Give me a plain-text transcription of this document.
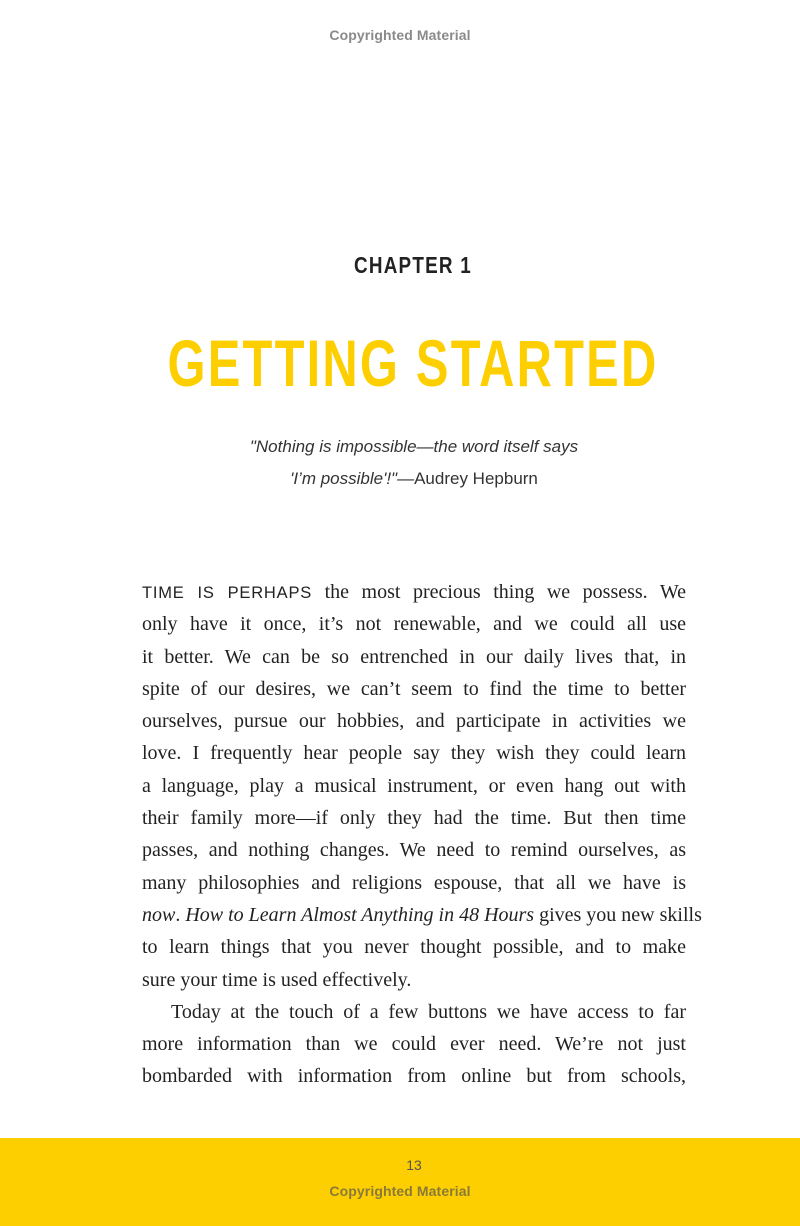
Copyrighted Material
CHAPTER 1
GETTING STARTED
"Nothing is impossible—the word itself says
'I’m possible'!"—Audrey Hepburn
TIME IS PERHAPS the most precious thing we possess. We
only have it once, it’s not renewable, and we could all use
it better. We can be so entrenched in our daily lives that, in
spite of our desires, we can’t seem to find the time to better
ourselves, pursue our hobbies, and participate in activities we
love. I frequently hear people say they wish they could learn
a language, play a musical instrument, or even hang out with
their family more—if only they had the time. But then time
passes, and nothing changes. We need to remind ourselves, as
many philosophies and religions espouse, that all we have is
now. How to Learn Almost Anything in 48 Hours gives you new skills
to learn things that you never thought possible, and to make
sure your time is used effectively.
Today at the touch of a few buttons we have access to far
more information than we could ever need. We’re not just
bombarded with information from online but from schools,
13
Copyrighted Material
